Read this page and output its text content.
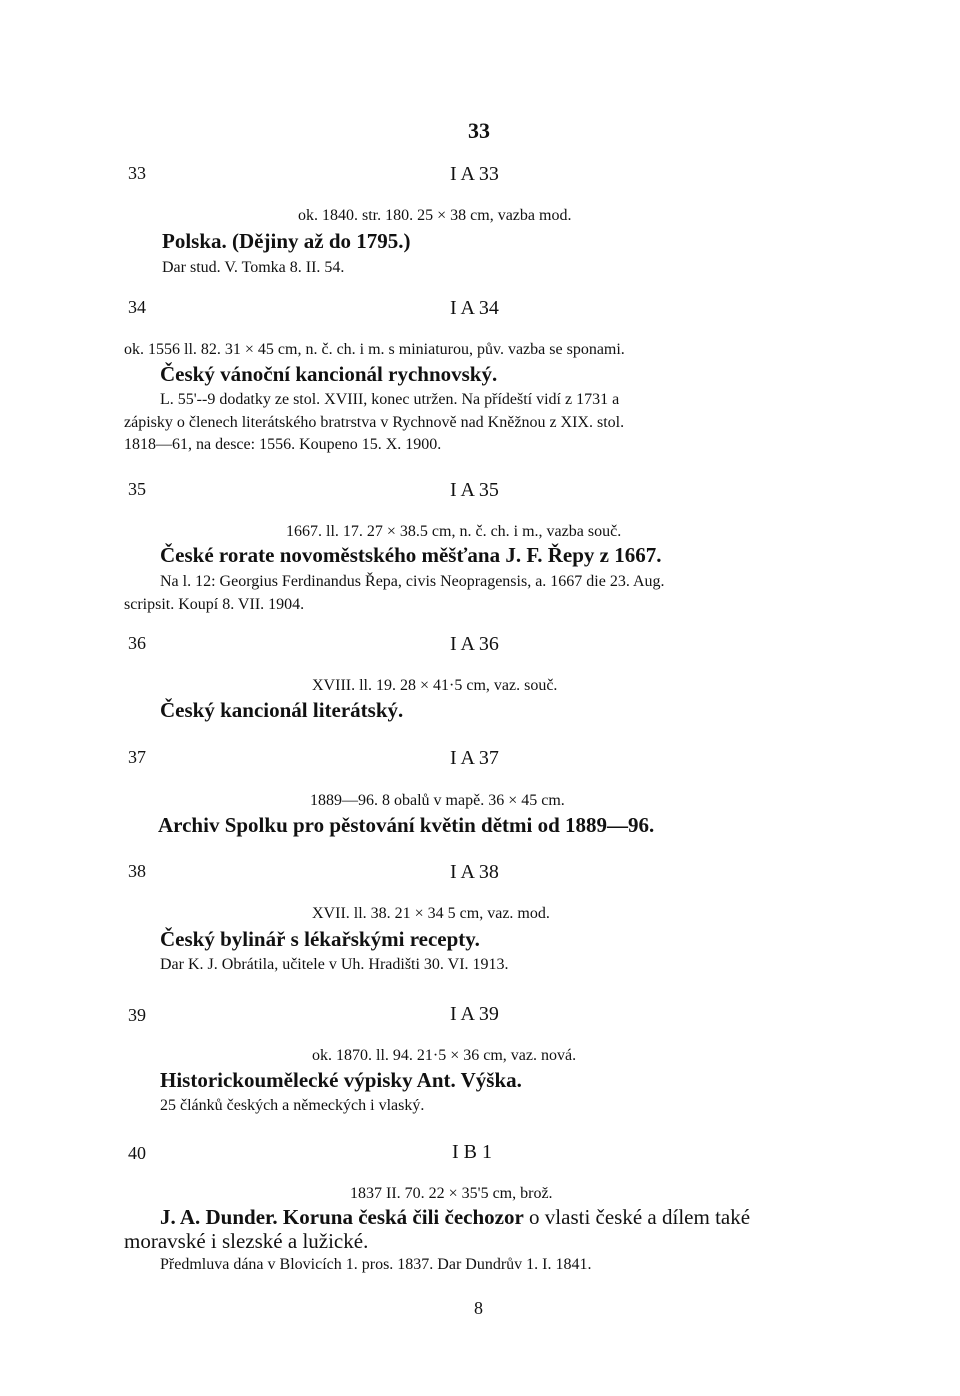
33
33	I A 33
ok. 1840. str. 180. 25 × 38 cm, vazba mod.
Polska. (Dějiny až do 1795.)
Dar stud. V. Tomka 8. II. 54.
34	I A 34
ok. 1556 ll. 82. 31 × 45 cm, n. č. ch. i m. s miniaturou, pův. vazba se sponami.
Český vánoční kancionál rychnovský.
L. 55'--9 dodatky ze stol. XVIII, konec utržen. Na přídeští vidí z 1731 a
zápisky o členech literátského bratrstva v Rychnově nad Kněžnou z XIX. stol.
1818—61, na desce: 1556. Koupeno 15. X. 1900.
35	I A 35
1667. ll. 17. 27 × 38.5 cm, n. č. ch. i m., vazba souč.
České rorate novoměstského měšťana J. F. Řepy z 1667.
Na l. 12: Georgius Ferdinandus Řepa, civis Neopragensis, a. 1667 die 23. Aug.
scripsit. Koupí 8. VII. 1904.
36	I A 36
XVIII. ll. 19. 28 × 41·5 cm, vaz. souč.
Český kancionál literátský.
37	I A 37
1889—96. 8 obalů v mapě. 36 × 45 cm.
Archiv Spolku pro pěstování květin dětmi od 1889—96.
38	I A 38
XVII. ll. 38. 21 × 34 5 cm, vaz. mod.
Český bylinář s lékařskými recepty.
Dar K. J. Obrátila, učitele v Uh. Hradišti 30. VI. 1913.
39	I A 39
ok. 1870. ll. 94. 21·5 × 36 cm, vaz. nová.
Historickoumělecké výpisky Ant. Výška.
25 článků českých a německých i vlaský.
40	I B 1
1837 II. 70. 22 × 35'5 cm, brož.
J. A. Dunder. Koruna česká čili čechozor o vlasti české a dílem také
moravské i slezské a lužické.
Předmluva dána v Blovicích 1. pros. 1837. Dar Dundrův 1. I. 1841.
8
